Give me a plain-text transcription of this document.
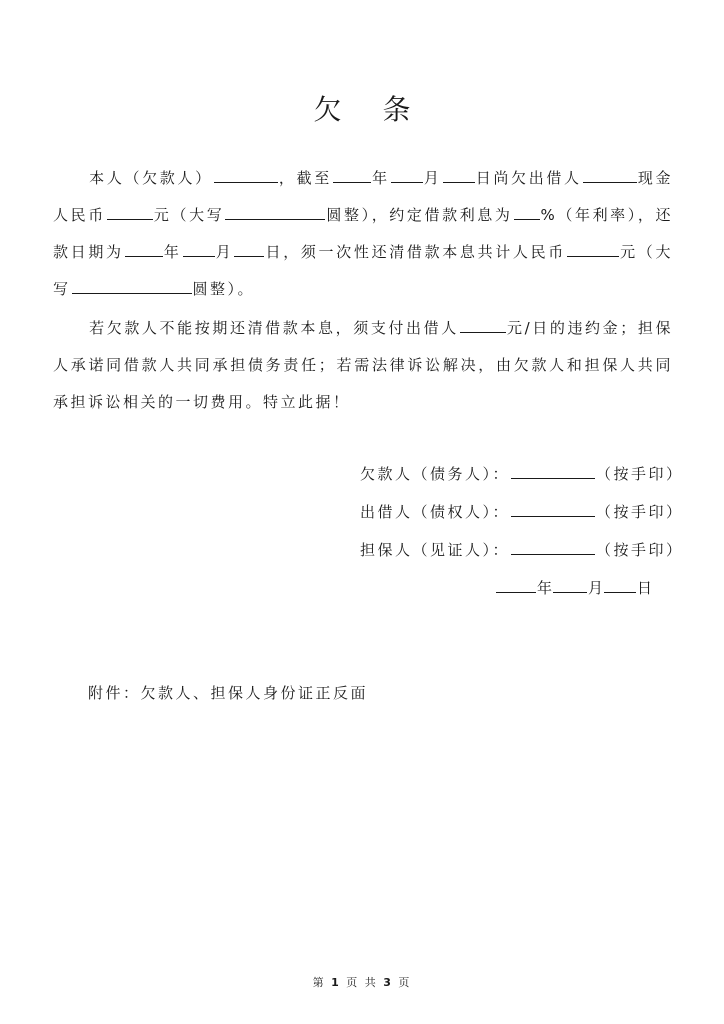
欠 条
本人（欠款人）	，截至	年 月 日尚欠出借人	现金人民币	元（大写	圆整），约定借款利息为 %（年利率），还款日期为	年 月 日，须一次性还清借款本息共计人民币	元（大写	圆整）。
若欠款人不能按期还清借款本息，须支付出借人	元/日的违约金；担保人承诺同借款人共同承担债务责任；若需法律诉讼解决，由欠款人和担保人共同承担诉讼相关的一切费用。特立此据！
欠款人（债务人）：	（按手印）
出借人（债权人）：	（按手印）
担保人（见证人）：	（按手印）
年 月 日
附件：欠款人、担保人身份证正反面
第 1 页 共 3 页
